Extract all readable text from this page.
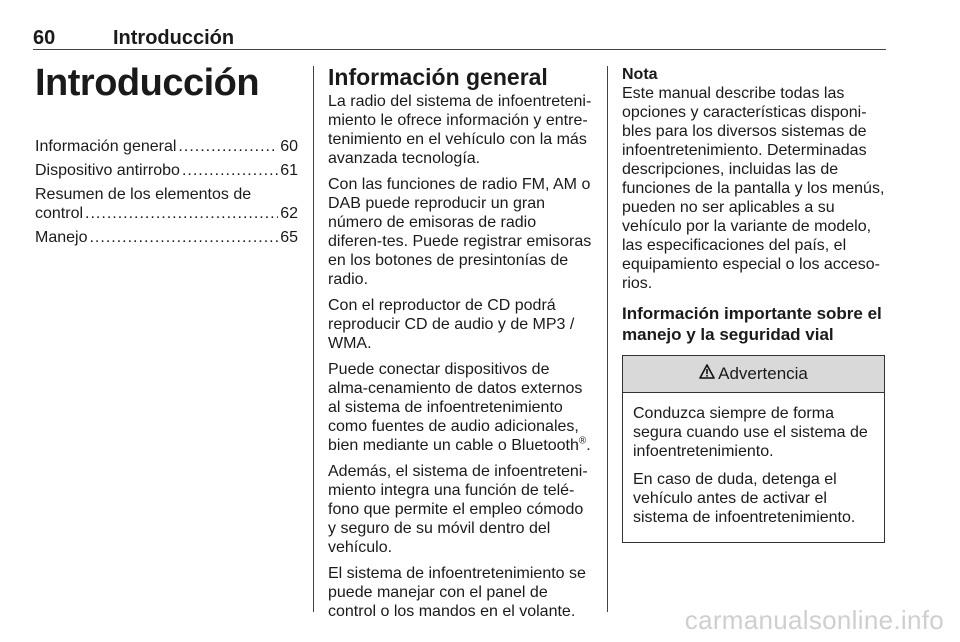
60	Introducción
Introducción
Información general .....	60
Dispositivo antirrobo .....	61
Resumen de los elementos de
control .....	62
Manejo .....	65
Información general

La radio del sistema de infoentreteni-miento le ofrece información y entre-tenimiento en el vehículo con la más avanzada tecnología.

Con las funciones de radio FM, AM o DAB puede reproducir un gran número de emisoras de radio diferen-tes. Puede registrar emisoras en los botones de presintonías de radio.

Con el reproductor de CD podrá reproducir CD de audio y de MP3 / WMA.

Puede conectar dispositivos de alma-cenamiento de datos externos al sistema de infoentretenimiento como fuentes de audio adicionales, bien mediante un cable o Bluetooth®.

Además, el sistema de infoentreteni-miento integra una función de telé-fono que permite el empleo cómodo y seguro de su móvil dentro del vehículo.

El sistema de infoentretenimiento se puede manejar con el panel de control o los mandos en el volante.

Nota

Este manual describe todas las opciones y características disponi-bles para los diversos sistemas de infoentretenimiento. Determinadas descripciones, incluidas las de funciones de la pantalla y los menús, pueden no ser aplicables a su vehículo por la variante de modelo, las especificaciones del país, el equipamiento especial o los acceso-rios.

Información importante sobre el manejo y la seguridad vial
Advertencia

Conduzca siempre de forma segura cuando use el sistema de infoentretenimiento.

En caso de duda, detenga el vehículo antes de activar el sistema de infoentretenimiento.

carmanualsonline.info
